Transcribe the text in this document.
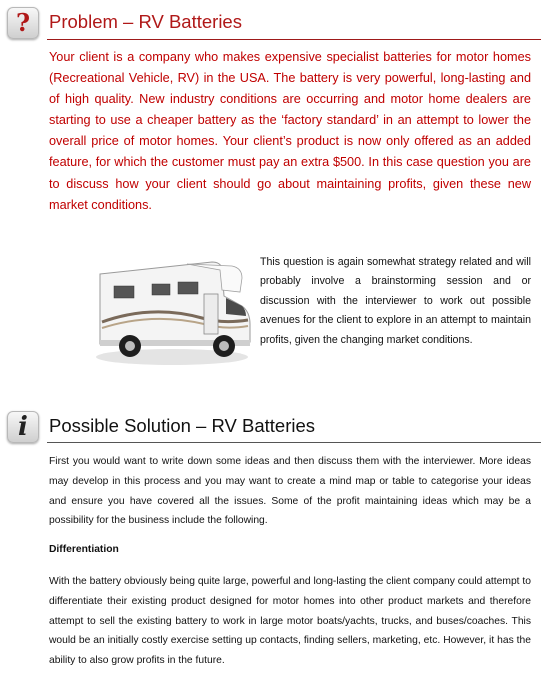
? Problem – RV Batteries

Your client is a company who makes expensive specialist batteries for motor homes (Recreational Vehicle, RV) in the USA. The battery is very powerful, long-lasting and of high quality. New industry conditions are occurring and motor home dealers are starting to use a cheaper battery as the ‘factory standard’ in an attempt to lower the overall price of motor homes. Your client’s product is now only offered as an added feature, for which the customer must pay an extra $500. In this case question you are to discuss how your client should go about maintaining profits, given these new market conditions.

This question is again somewhat strategy related and will probably involve a brainstorming session and or discussion with the interviewer to work out possible avenues for the client to explore in an attempt to maintain profits, given the changing market conditions.

i Possible Solution – RV Batteries

First you would want to write down some ideas and then discuss them with the interviewer. More ideas may develop in this process and you may want to create a mind map or table to categorise your ideas and ensure you have covered all the issues. Some of the profit maintaining ideas which may be a possibility for the business include the following.

Differentiation

With the battery obviously being quite large, powerful and long-lasting the client company could attempt to differentiate their existing product designed for motor homes into other product markets and therefore attempt to sell the existing battery to work in large motor boats/yachts, trucks, and buses/coaches. This would be an initially costly exercise setting up contacts, finding sellers, marketing, etc. However, it has the ability to also grow profits in the future.
